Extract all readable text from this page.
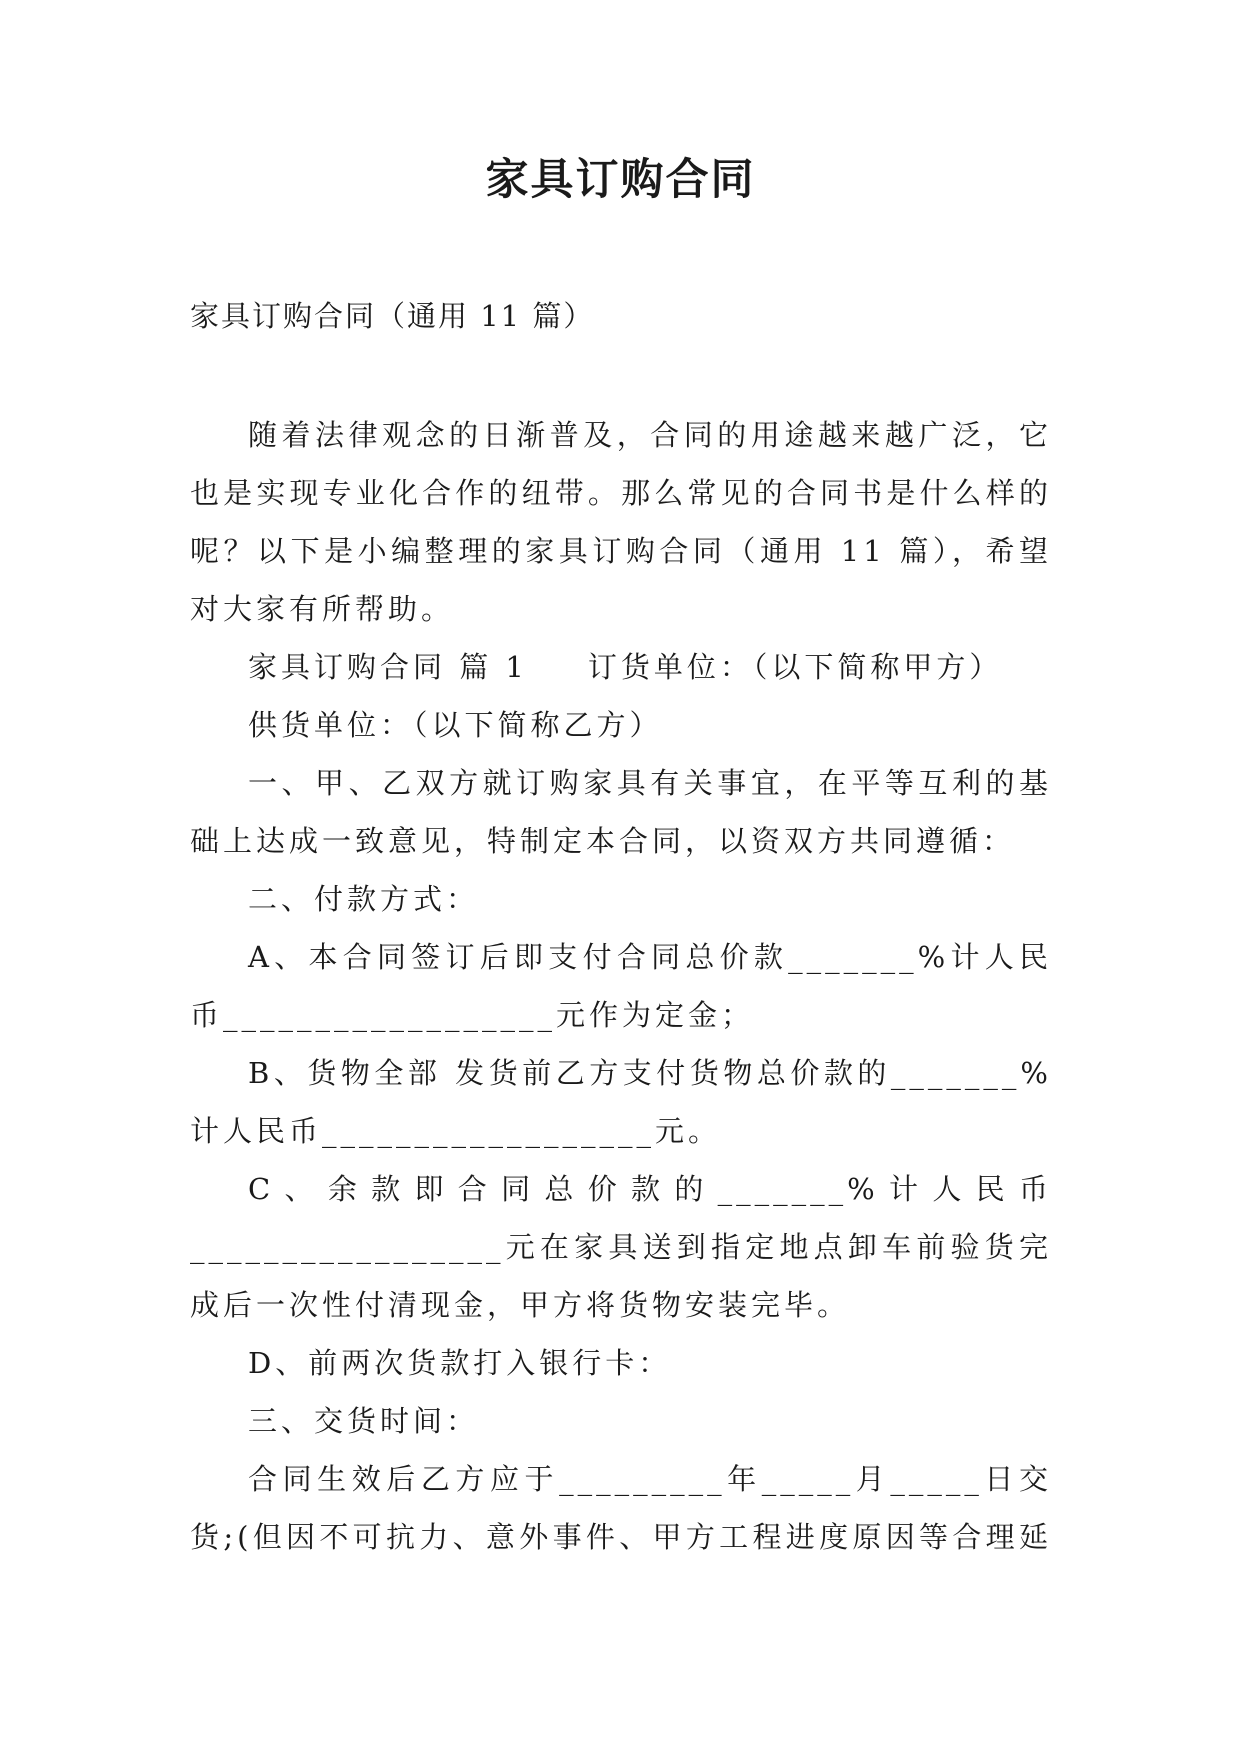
家具订购合同

家具订购合同（通用 11 篇）

随着法律观念的日渐普及，合同的用途越来越广泛，它也是实现专业化合作的纽带。那么常见的合同书是什么样的呢？以下是小编整理的家具订购合同（通用 11 篇），希望对大家有所帮助。

家具订购合同 篇 1 订货单位：（以下简称甲方）

供货单位：（以下简称乙方）

一、甲、乙双方就订购家具有关事宜，在平等互利的基础上达成一致意见，特制定本合同，以资双方共同遵循：

二、付款方式：

A、本合同签订后即支付合同总价款_______%计人民币__________________元作为定金；

B、货物全部 发货前乙方支付货物总价款的_______%计人民币__________________元。

C、余款即合同总价款的_______%计人民币_________________元在家具送到指定地点卸车前验货完成后一次性付清现金，甲方将货物安装完毕。

D、前两次货款打入银行卡：

三、交货时间：

合同生效后乙方应于_________年_____月_____日交货;(但因不可抗力、意外事件、甲方工程进度原因等合理延
